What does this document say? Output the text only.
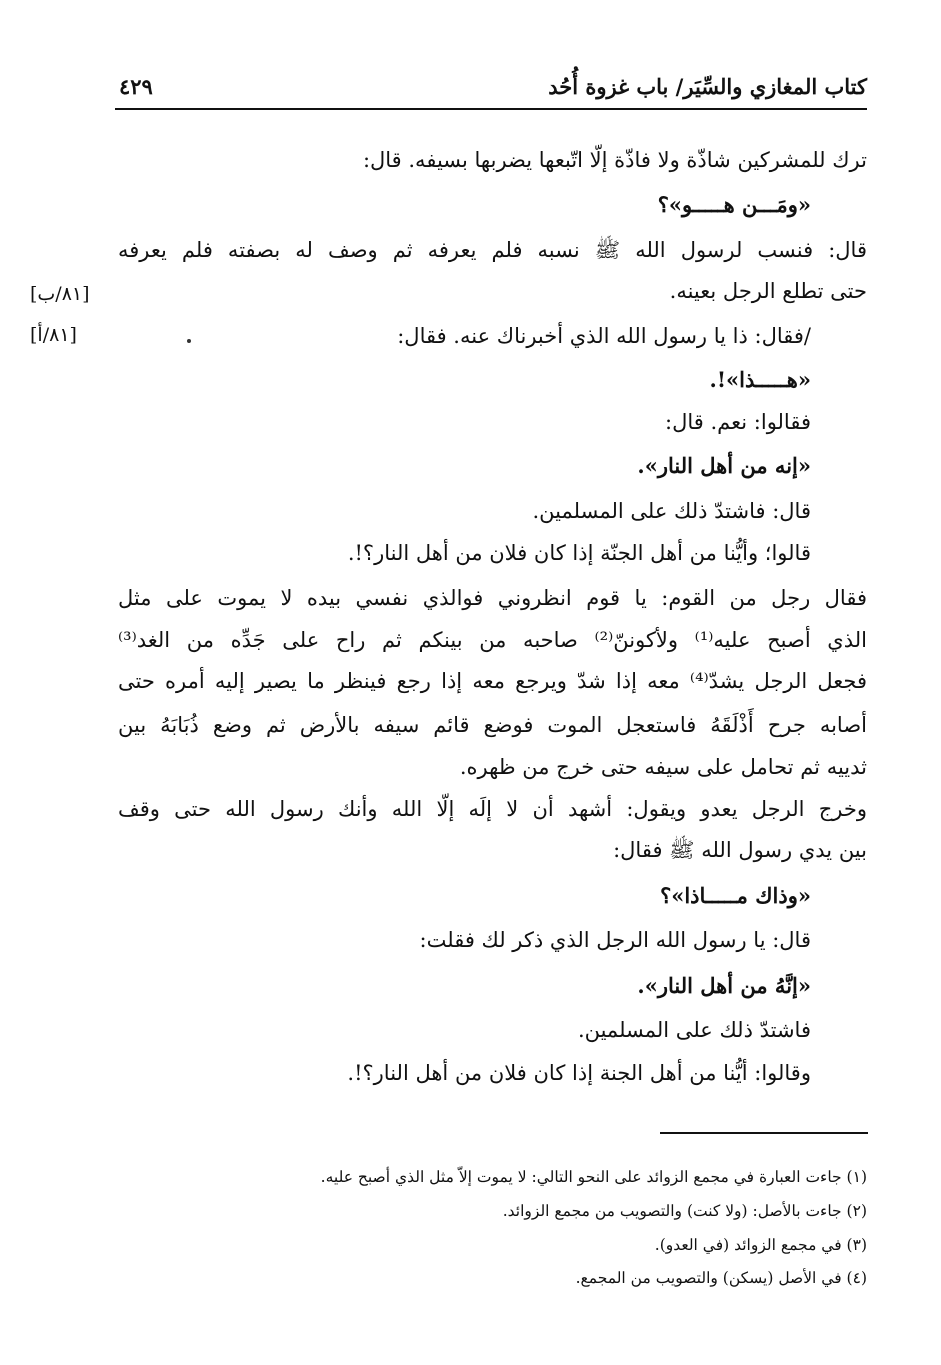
كتاب المغازي والسِّيَر/ باب غزوة أُحُد
٤٢٩
[٨١/ب]
[٨١/أ]
ترك للمشركين شاذّة ولا فاذّة إلّا اتّبعها يضربها بسيفه. قال:
«ومَـــن هـــــو»؟
قال: فنسب لرسول الله ﷺ نسبه فلم يعرفه ثم وصف له بصفته فلم يعرفه
حتى تطلع الرجل بعينه.
/فقال: ذا يا رسول الله الذي أخبرناك عنه. فقال:
«هـــــذا»!.
فقالوا: نعم. قال:
«إنه من أهل النار».
قال: فاشتدّ ذلك على المسلمين.
قالوا؛ وأيُّنا من أهل الجنّة إذا كان فلان من أهل النار؟!.
فقال رجل من القوم: يا قوم انظروني فوالذي نفسي بيده لا يموت على مثل
الذي أصبح عليه⁽¹⁾ ولأكوننّ⁽²⁾ صاحبه من بينكم ثم راح على جَدِّه من الغد⁽³⁾
فجعل الرجل يشدّ⁽⁴⁾ معه إذا شدّ ويرجع معه إذا رجع فينظر ما يصير إليه أمره حتى
أصابه جرح أَذْلَقَهُ فاستعجل الموت فوضع قائم سيفه بالأرض ثم وضع ذُبَابَهُ بين
ثدييه ثم تحامل على سيفه حتى خرج من ظهره.
وخرج الرجل يعدو ويقول: أشهد أن لا إلَه إلّا الله وأنك رسول الله حتى وقف
بين يدي رسول الله ﷺ فقال:
«وذاك مـــــاذا»؟
قال: يا رسول الله الرجل الذي ذكر لك فقلت:
«إنَّهُ من أهل النار».
فاشتدّ ذلك على المسلمين.
وقالوا: أيُّنا من أهل الجنة إذا كان فلان من أهل النار؟!.
(١) جاءت العبارة في مجمع الزوائد على النحو التالي: لا يموت إلاّ مثل الذي أصبح عليه.
(٢) جاءت بالأصل: (ولا كنت) والتصويب من مجمع الزوائد.
(٣) في مجمع الزوائد (في العدو).
(٤) في الأصل (يسكن) والتصويب من المجمع.
